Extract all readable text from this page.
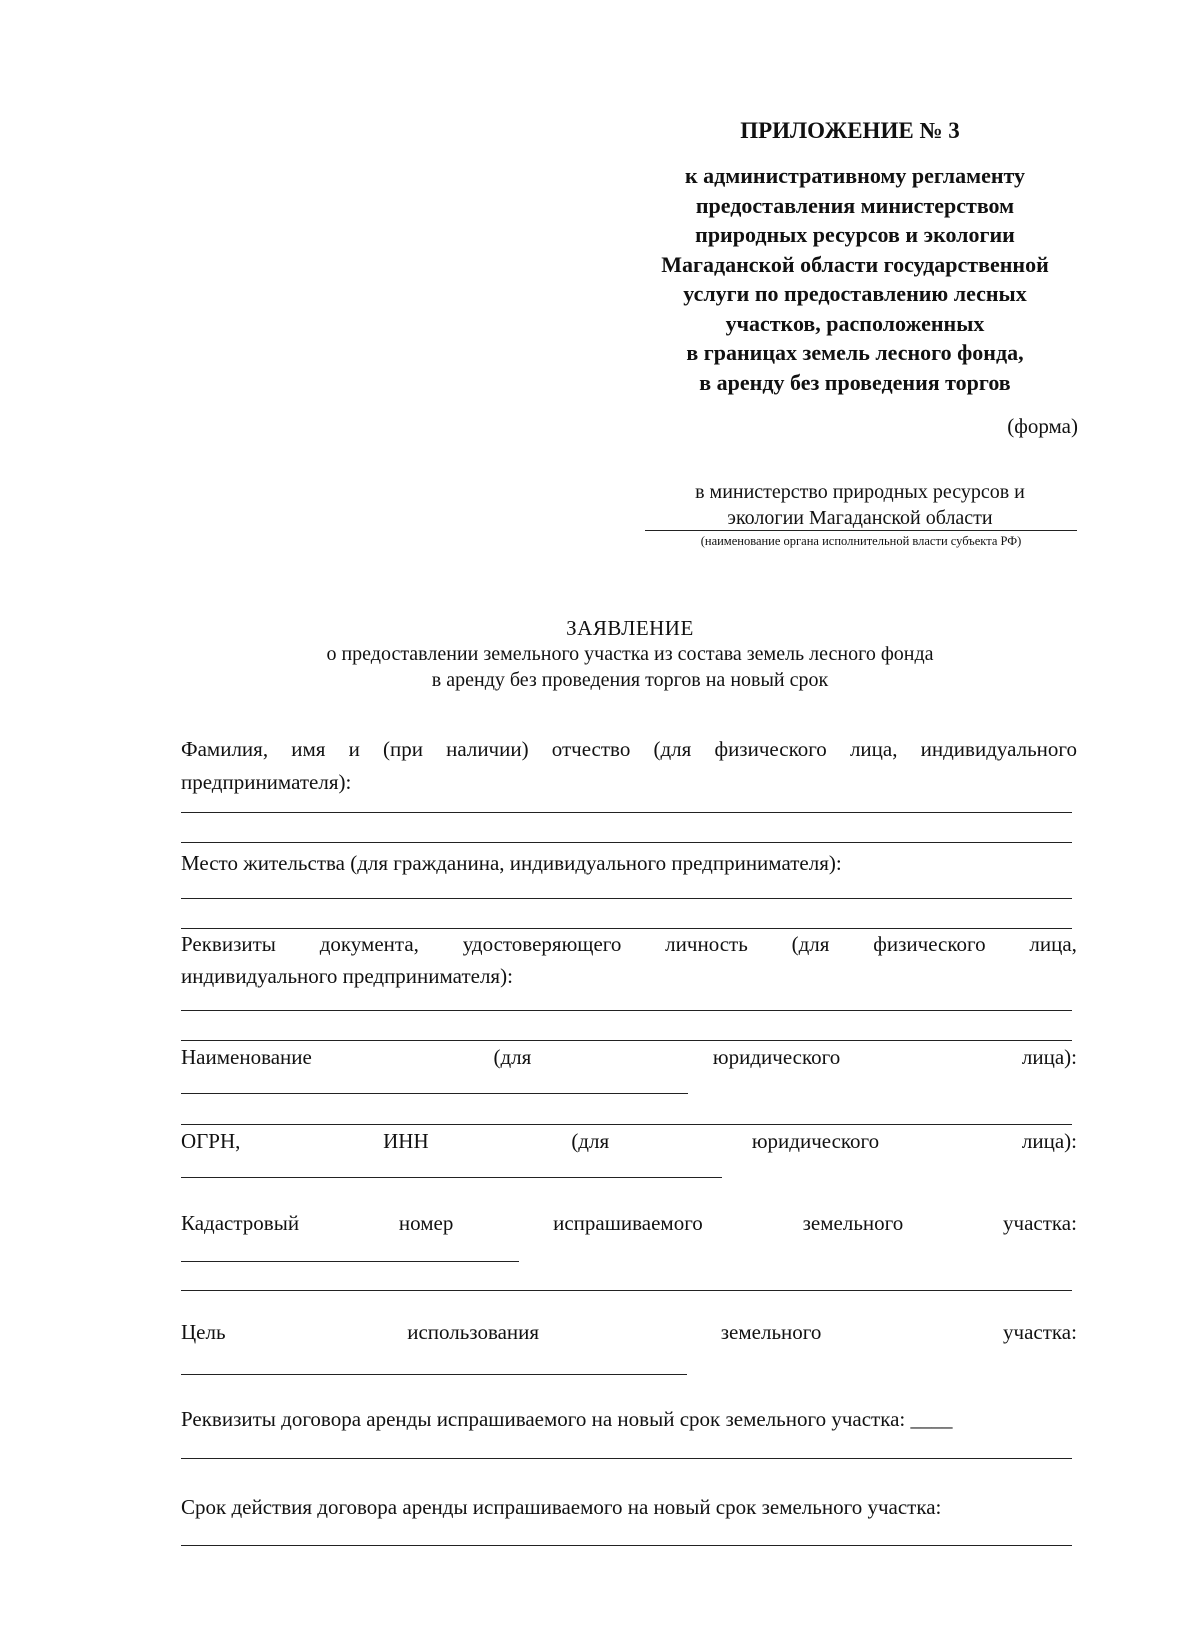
ПРИЛОЖЕНИЕ № 3
к административному регламенту
предоставления министерством
природных ресурсов и экологии
Магаданской области государственной
услуги по предоставлению лесных
участков, расположенных
в границах земель лесного фонда,
в аренду без проведения торгов
(форма)
в министерство природных ресурсов и
экологии Магаданской области
(наименование органа исполнительной власти субъекта РФ)
ЗАЯВЛЕНИЕ
о предоставлении земельного участка из состава земель лесного фонда
в аренду без проведения торгов на новый срок
Фамилия, имя и (при наличии) отчество (для физического лица, индивидуального
предпринимателя):
Место жительства (для гражданина, индивидуального предпринимателя):
Реквизиты документа, удостоверяющего личность (для физического лица,
индивидуального предпринимателя):
Наименование	(для	юридического	лица):
ОГРН,	ИНН	(для	юридического	лица):
Кадастровый	номер	испрашиваемого	земельного	участка:
Цель	использования	земельного	участка:
Реквизиты договора аренды испрашиваемого на новый срок земельного участка: ____
Срок действия договора аренды испрашиваемого на новый срок земельного участка:
